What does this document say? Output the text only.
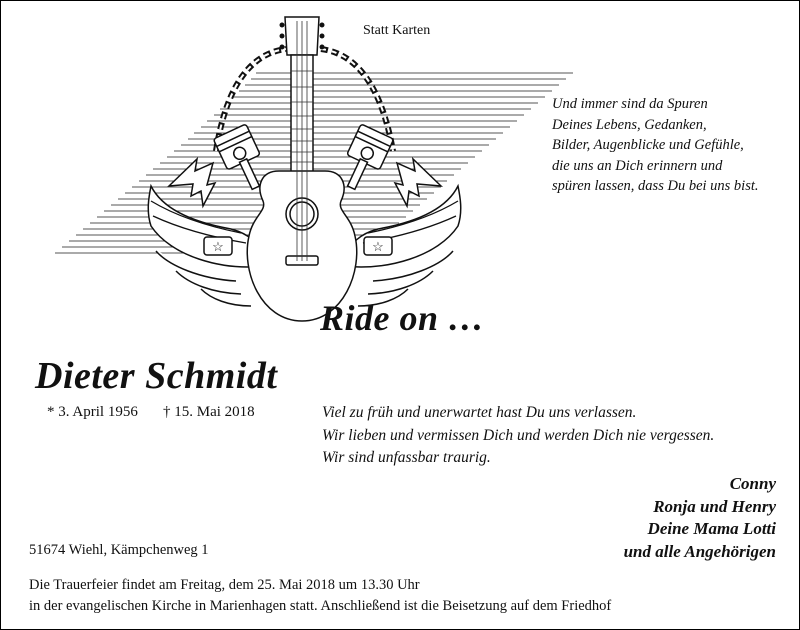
☆	☆
Statt Karten
Und immer sind da Spuren
Deines Lebens, Gedanken,
Bilder, Augenblicke und Gefühle,
die uns an Dich erinnern und
spüren lassen, dass Du bei uns bist.
Ride on …
Dieter Schmidt
* 3. April 1956 † 15. Mai 2018	Viel zu früh und unerwartet hast Du uns verlassen.
Wir lieben und vermissen Dich und werden Dich nie vergessen.
Wir sind unfassbar traurig.
Conny
Ronja und Henry
Deine Mama Lotti
und alle Angehörigen
51674 Wiehl, Kämpchenweg 1
Die Trauerfeier findet am Freitag, dem 25. Mai 2018 um 13.30 Uhr
in der evangelischen Kirche in Marienhagen statt. Anschließend ist die Beisetzung auf dem Friedhof
